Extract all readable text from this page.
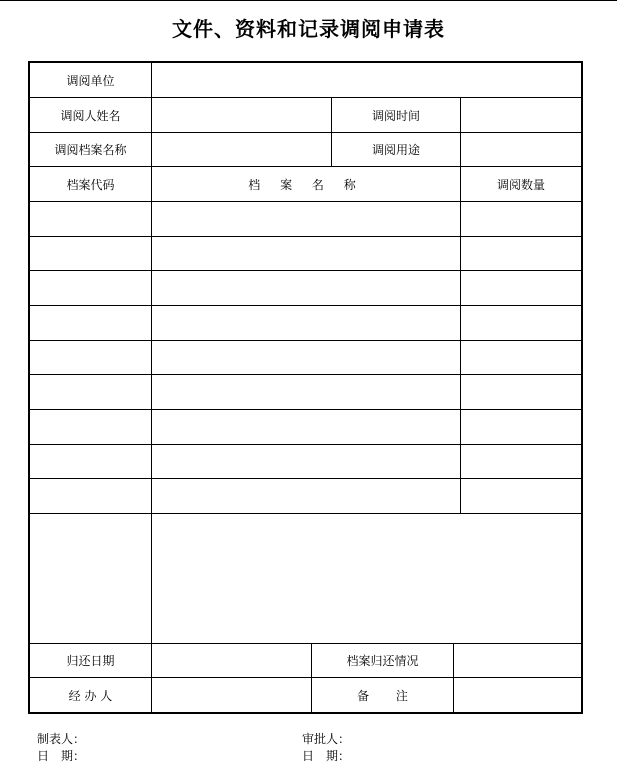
文件、资料和记录调阅申请表
调阅单位
调阅人姓名	调阅时间
调阅档案名称	调阅用途
档案代码	档 案 名 称	调阅数量
归还日期	档案归还情况
经 办 人	备       注
制表人：
日　期：
审批人：
日　期：
